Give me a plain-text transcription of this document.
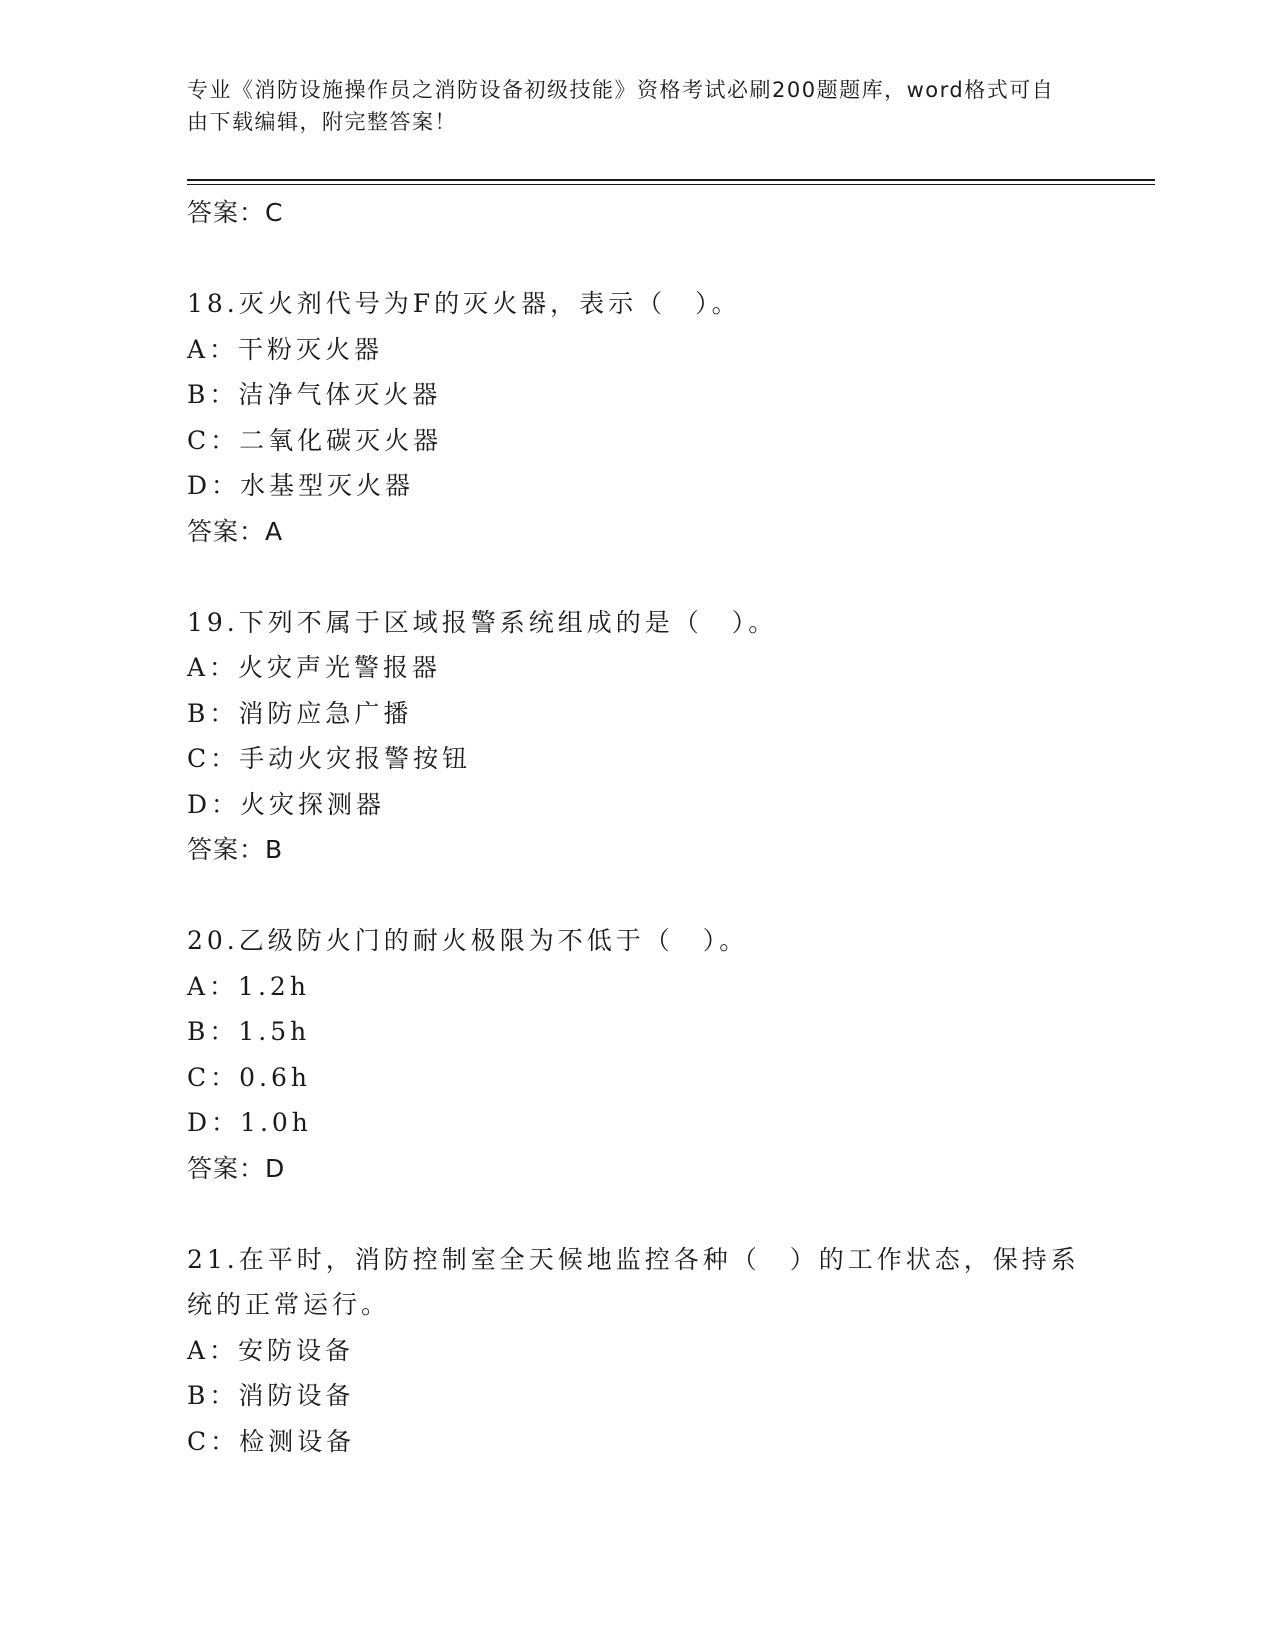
专业《消防设施操作员之消防设备初级技能》资格考试必刷200题题库，word格式可自由下载编辑，附完整答案！
答案：C
18.灭火剂代号为F的灭火器，表示（　）。
A：干粉灭火器
B：洁净气体灭火器
C：二氧化碳灭火器
D：水基型灭火器
答案：A
19.下列不属于区域报警系统组成的是（　）。
A：火灾声光警报器
B：消防应急广播
C：手动火灾报警按钮
D：火灾探测器
答案：B
20.乙级防火门的耐火极限为不低于（　）。
A：1.2h
B：1.5h
C：0.6h
D：1.0h
答案：D
21.在平时，消防控制室全天候地监控各种（　）的工作状态，保持系统的正常运行。
A：安防设备
B：消防设备
C：检测设备
